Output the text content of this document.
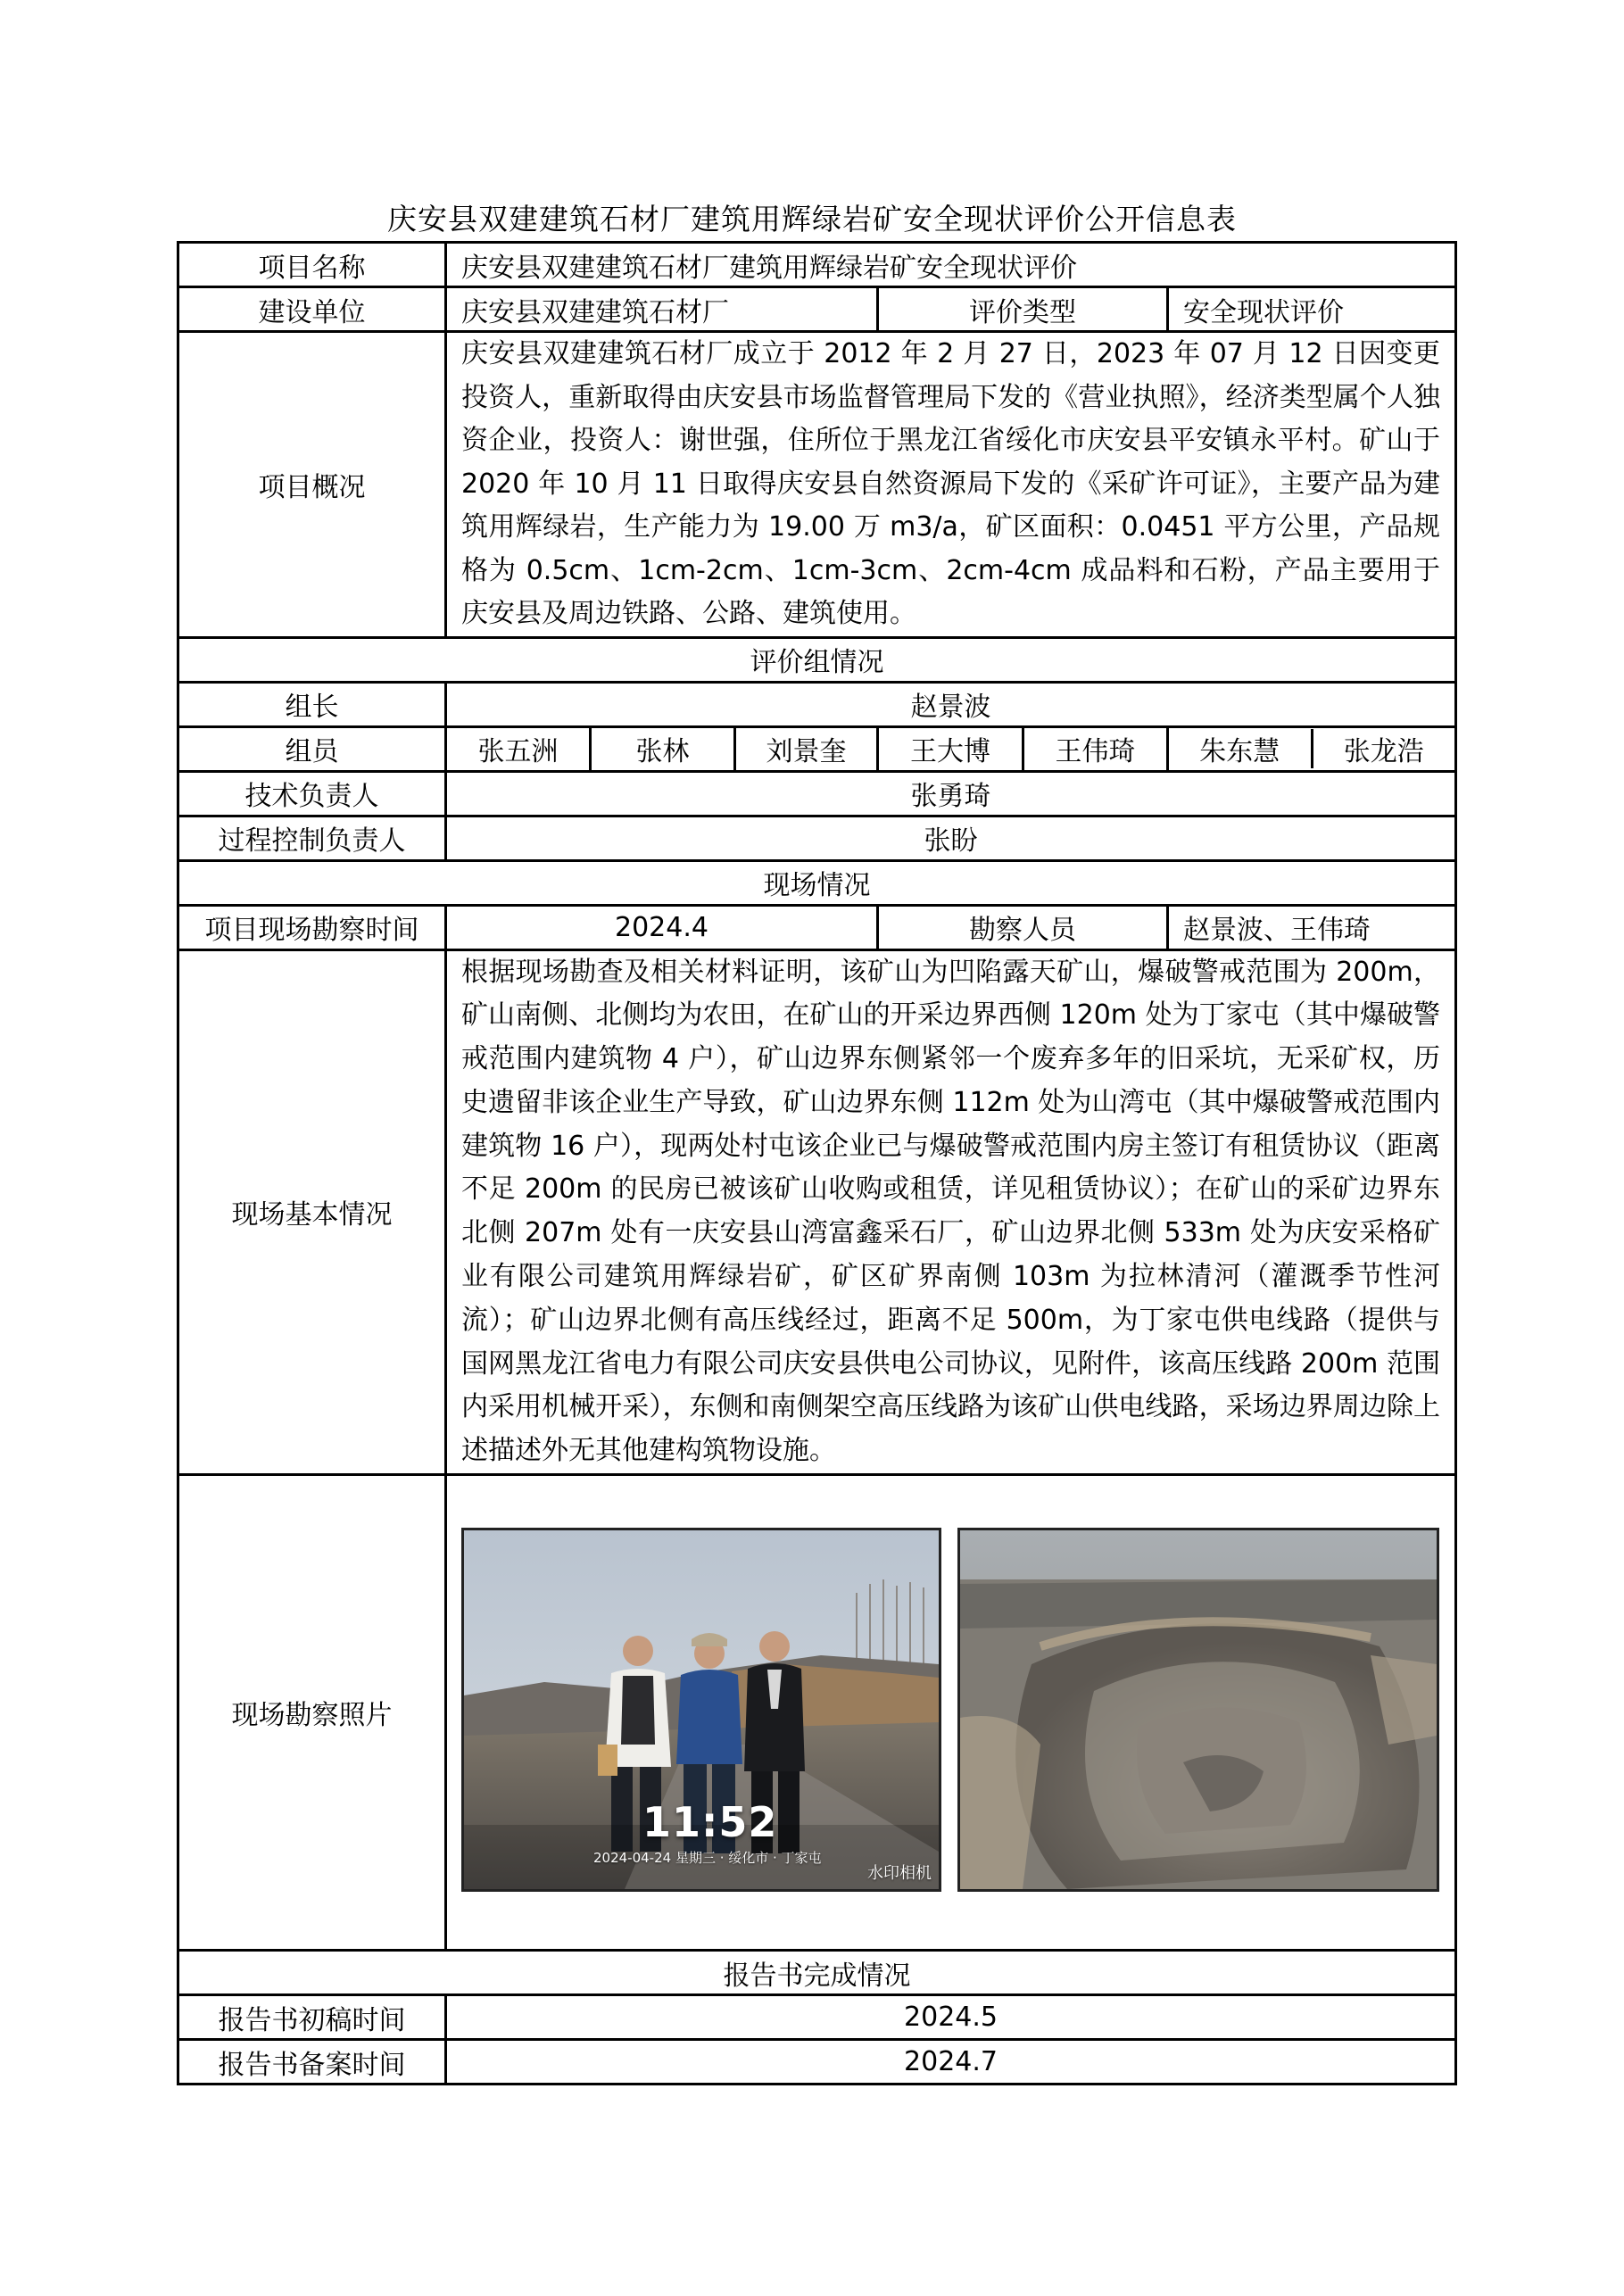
庆安县双建建筑石材厂建筑用辉绿岩矿安全现状评价公开信息表
项目名称	庆安县双建建筑石材厂建筑用辉绿岩矿安全现状评价
建设单位	庆安县双建建筑石材厂	评价类型	安全现状评价
项目概况	庆安县双建建筑石材厂成立于 2012 年 2 月 27 日，2023 年 07 月 12 日因变更投资人，重新取得由庆安县市场监督管理局下发的《营业执照》，经济类型属个人独资企业，投资人：谢世强，住所位于黑龙江省绥化市庆安县平安镇永平村。矿山于 2020 年 10 月 11 日取得庆安县自然资源局下发的《采矿许可证》，主要产品为建筑用辉绿岩，生产能力为 19.00 万 m3/a，矿区面积：0.0451 平方公里，产品规格为 0.5cm、1cm-2cm、1cm-3cm、2cm-4cm 成品料和石粉，产品主要用于庆安县及周边铁路、公路、建筑使用。
评价组情况
组长	赵景波
组员	张五洲	张林	刘景奎	王大博	王伟琦	朱东慧	张龙浩

技术负责人	张勇琦
过程控制负责人	张盼
现场情况
项目现场勘察时间	2024.4	勘察人员	赵景波、王伟琦
现场基本情况	根据现场勘查及相关材料证明，该矿山为凹陷露天矿山，爆破警戒范围为 200m，矿山南侧、北侧均为农田，在矿山的开采边界西侧 120m 处为丁家屯（其中爆破警戒范围内建筑物 4 户），矿山边界东侧紧邻一个废弃多年的旧采坑，无采矿权，历史遗留非该企业生产导致，矿山边界东侧 112m 处为山湾屯（其中爆破警戒范围内建筑物 16 户），现两处村屯该企业已与爆破警戒范围内房主签订有租赁协议（距离不足 200m 的民房已被该矿山收购或租赁，详见租赁协议）；在矿山的采矿边界东北侧 207m 处有一庆安县山湾富鑫采石厂，矿山边界北侧 533m 处为庆安采格矿业有限公司建筑用辉绿岩矿，矿区矿界南侧 103m 为拉林清河（灌溉季节性河流）；矿山边界北侧有高压线经过，距离不足 500m，为丁家屯供电线路（提供与国网黑龙江省电力有限公司庆安县供电公司协议，见附件，该高压线路 200m 范围内采用机械开采），东侧和南侧架空高压线路为该矿山供电线路，采场边界周边除上述描述外无其他建构筑物设施。
现场勘察照片	
11:52
2024-04-24 星期三 · 绥化市 · 丁家屯
水印相机

报告书完成情况
报告书初稿时间	2024.5
报告书备案时间	2024.7
